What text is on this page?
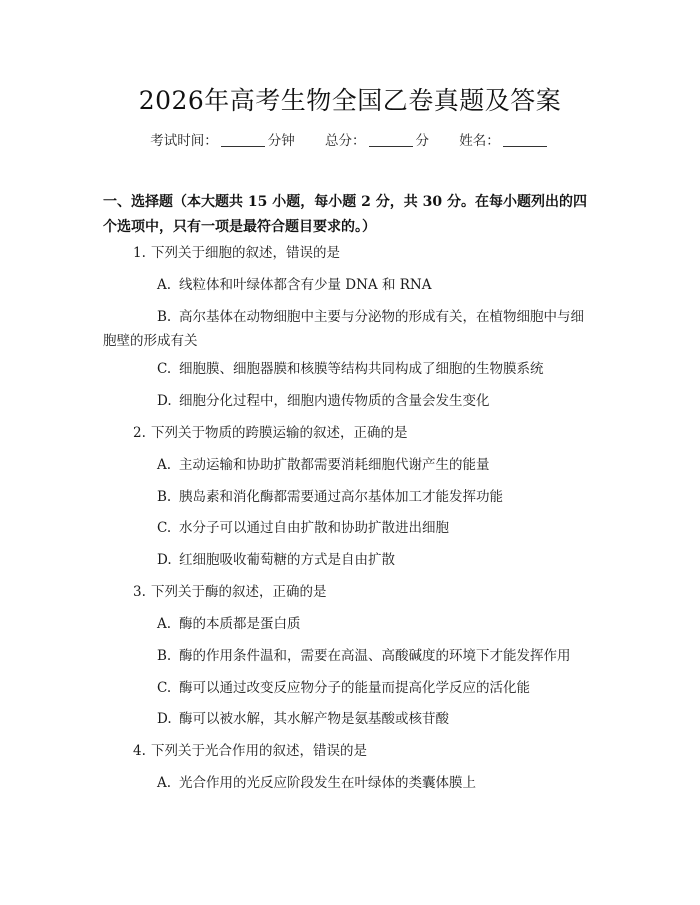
2026年高考生物全国乙卷真题及答案
考试时间：	分钟 总分：	分 姓名：
一、选择题（本大题共 15 小题，每小题 2 分，共 30 分。在每小题列出的四个选项中，只有一项是最符合题目要求的。）
1. 下列关于细胞的叙述，错误的是
A. 线粒体和叶绿体都含有少量 DNA 和 RNA
B. 高尔基体在动物细胞中主要与分泌物的形成有关，在植物细胞中与细胞壁的形成有关
C. 细胞膜、细胞器膜和核膜等结构共同构成了细胞的生物膜系统
D. 细胞分化过程中，细胞内遗传物质的含量会发生变化
2. 下列关于物质的跨膜运输的叙述，正确的是
A. 主动运输和协助扩散都需要消耗细胞代谢产生的能量
B. 胰岛素和消化酶都需要通过高尔基体加工才能发挥功能
C. 水分子可以通过自由扩散和协助扩散进出细胞
D. 红细胞吸收葡萄糖的方式是自由扩散
3. 下列关于酶的叙述，正确的是
A. 酶的本质都是蛋白质
B. 酶的作用条件温和，需要在高温、高酸碱度的环境下才能发挥作用
C. 酶可以通过改变反应物分子的能量而提高化学反应的活化能
D. 酶可以被水解，其水解产物是氨基酸或核苷酸
4. 下列关于光合作用的叙述，错误的是
A. 光合作用的光反应阶段发生在叶绿体的类囊体膜上
